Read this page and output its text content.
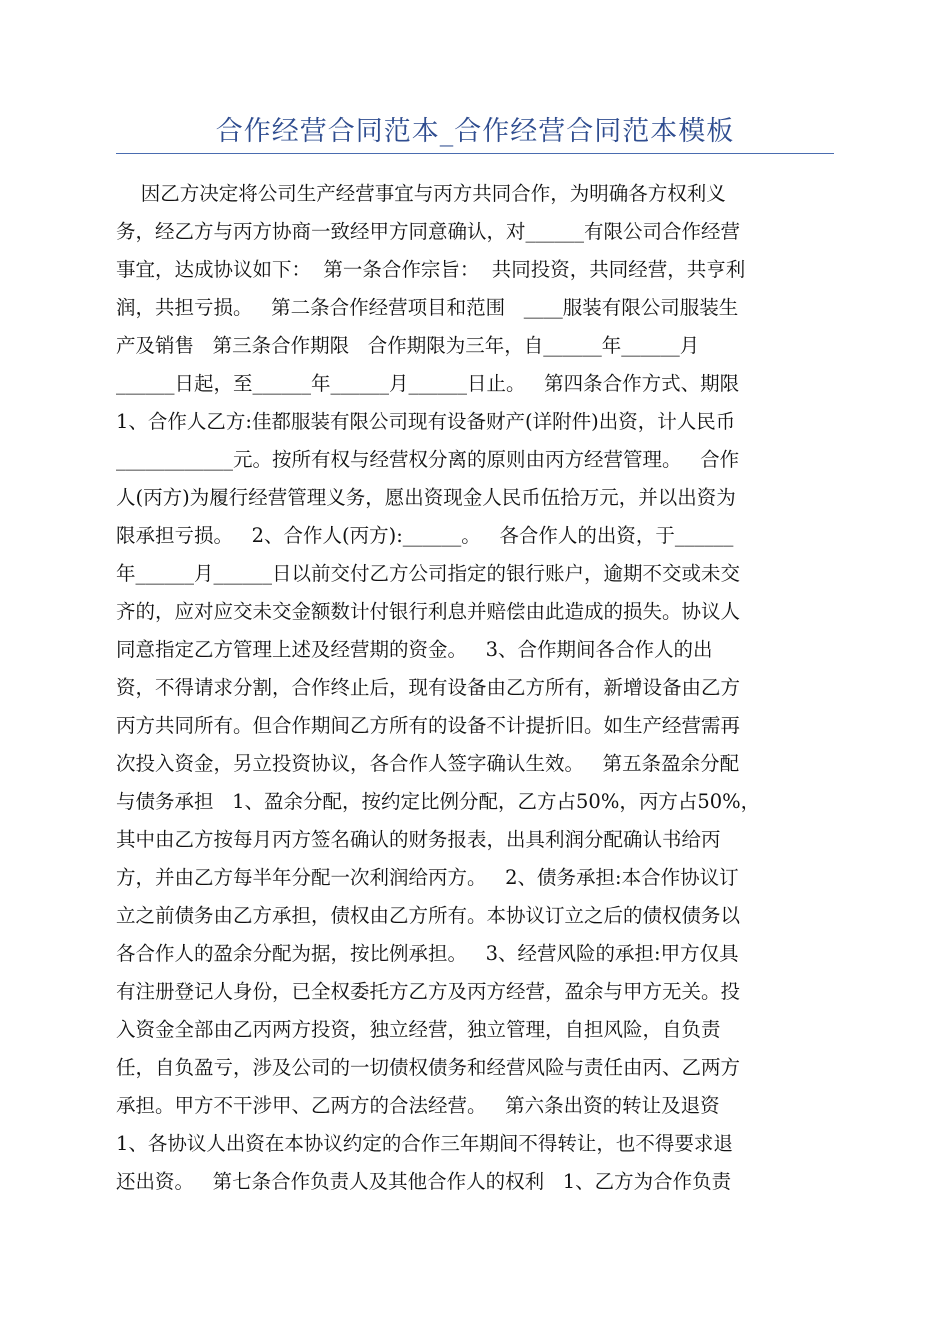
合作经营合同范本_合作经营合同范本模板
因乙方决定将公司生产经营事宜与丙方共同合作，为明确各方权利义
务，经乙方与丙方协商一致经甲方同意确认，对______有限公司合作经营
事宜，达成协议如下：  第一条合作宗旨：  共同投资，共同经营，共亨利
润，共担亏损。   第二条合作经营项目和范围   ____服装有限公司服装生
产及销售   第三条合作期限   合作期限为三年，自______年______月
______日起，至______年______月______日止。   第四条合作方式、期限
1、合作人乙方:佳都服装有限公司现有设备财产(详附件)出资，计人民币
____________元。按所有权与经营权分离的原则由丙方经营管理。   合作
人(丙方)为履行经营管理义务，愿出资现金人民币伍拾万元，并以出资为
限承担亏损。   2、合作人(丙方):______。   各合作人的出资，于______
年______月______日以前交付乙方公司指定的银行账户，逾期不交或未交
齐的，应对应交未交金额数计付银行利息并赔偿由此造成的损失。协议人
同意指定乙方管理上述及经营期的资金。   3、合作期间各合作人的出
资，不得请求分割，合作终止后，现有设备由乙方所有，新增设备由乙方
丙方共同所有。但合作期间乙方所有的设备不计提折旧。如生产经营需再
次投入资金，另立投资协议，各合作人签字确认生效。   第五条盈余分配
与债务承担   1、盈余分配，按约定比例分配，乙方占50%，丙方占50%，
其中由乙方按每月丙方签名确认的财务报表，出具利润分配确认书给丙
方，并由乙方每半年分配一次利润给丙方。   2、债务承担:本合作协议订
立之前债务由乙方承担，债权由乙方所有。本协议订立之后的债权债务以
各合作人的盈余分配为据，按比例承担。   3、经营风险的承担:甲方仅具
有注册登记人身份，已全权委托方乙方及丙方经营，盈余与甲方无关。投
入资金全部由乙丙两方投资，独立经营，独立管理，自担风险，自负责
任，自负盈亏，涉及公司的一切债权债务和经营风险与责任由丙、乙两方
承担。甲方不干涉甲、乙两方的合法经营。   第六条出资的转让及退资
1、各协议人出资在本协议约定的合作三年期间不得转让，也不得要求退
还出资。   第七条合作负责人及其他合作人的权利   1、乙方为合作负责
